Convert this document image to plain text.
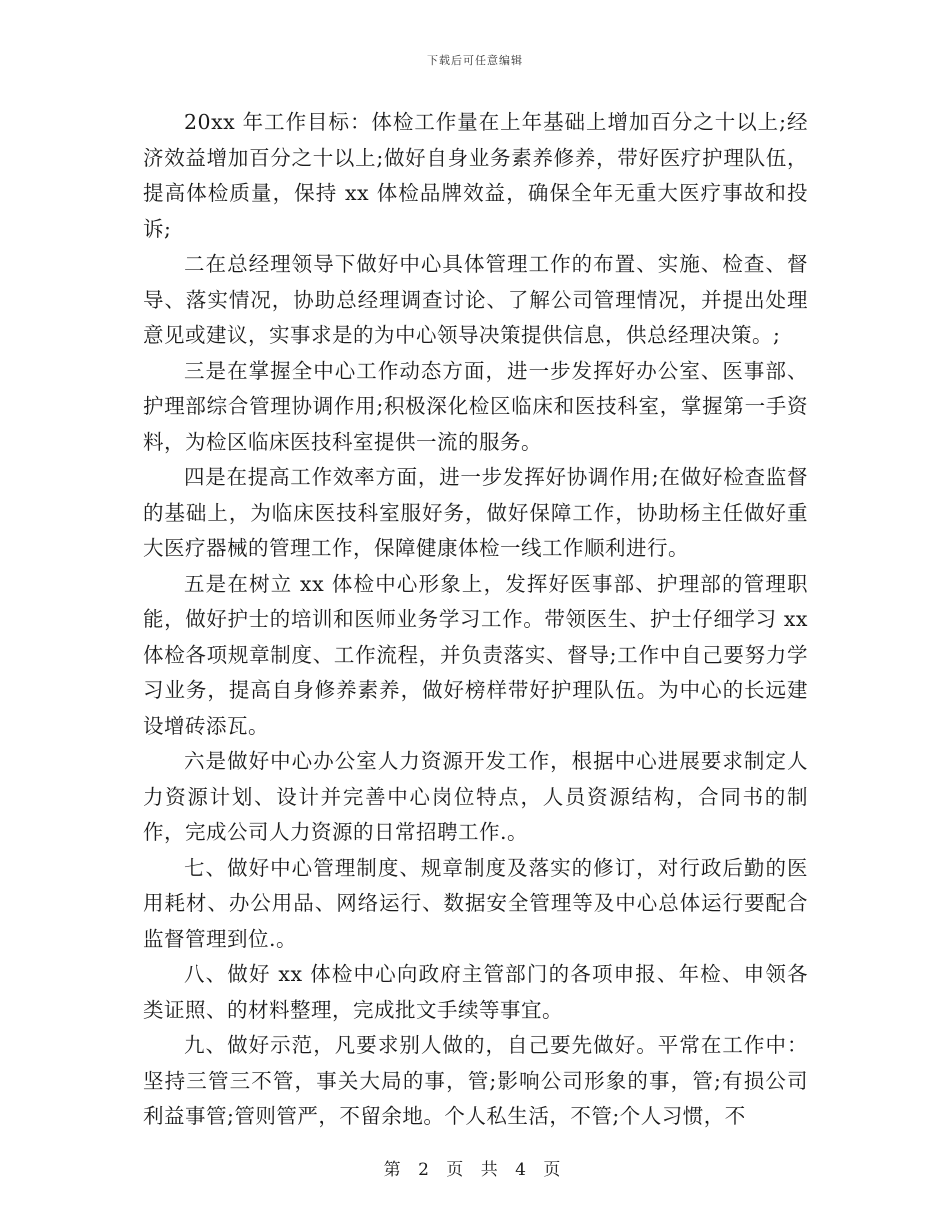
下载后可任意编辑

20xx 年工作目标：体检工作量在上年基础上增加百分之十以上;经济效益增加百分之十以上;做好自身业务素养修养，带好医疗护理队伍，提高体检质量，保持 xx 体检品牌效益，确保全年无重大医疗事故和投诉;

二在总经理领导下做好中心具体管理工作的布置、实施、检查、督导、落实情况，协助总经理调查讨论、了解公司管理情况，并提出处理意见或建议，实事求是的为中心领导决策提供信息，供总经理决策。;

三是在掌握全中心工作动态方面，进一步发挥好办公室、医事部、护理部综合管理协调作用;积极深化检区临床和医技科室，掌握第一手资料，为检区临床医技科室提供一流的服务。

四是在提高工作效率方面，进一步发挥好协调作用;在做好检查监督的基础上，为临床医技科室服好务，做好保障工作，协助杨主任做好重大医疗器械的管理工作，保障健康体检一线工作顺利进行。

五是在树立 xx 体检中心形象上，发挥好医事部、护理部的管理职能，做好护士的培训和医师业务学习工作。带领医生、护士仔细学习 xx 体检各项规章制度、工作流程，并负责落实、督导;工作中自己要努力学习业务，提高自身修养素养，做好榜样带好护理队伍。为中心的长远建设增砖添瓦。

六是做好中心办公室人力资源开发工作，根据中心进展要求制定人力资源计划、设计并完善中心岗位特点，人员资源结构，合同书的制作，完成公司人力资源的日常招聘工作.。

七、做好中心管理制度、规章制度及落实的修订，对行政后勤的医用耗材、办公用品、网络运行、数据安全管理等及中心总体运行要配合监督管理到位.。

八、做好 xx 体检中心向政府主管部门的各项申报、年检、申领各类证照、的材料整理，完成批文手续等事宜。

九、做好示范，凡要求别人做的，自己要先做好。平常在工作中：坚持三管三不管，事关大局的事，管;影响公司形象的事，管;有损公司利益事管;管则管严，不留余地。个人私生活，不管;个人习惯，不

第 2 页 共 4 页
